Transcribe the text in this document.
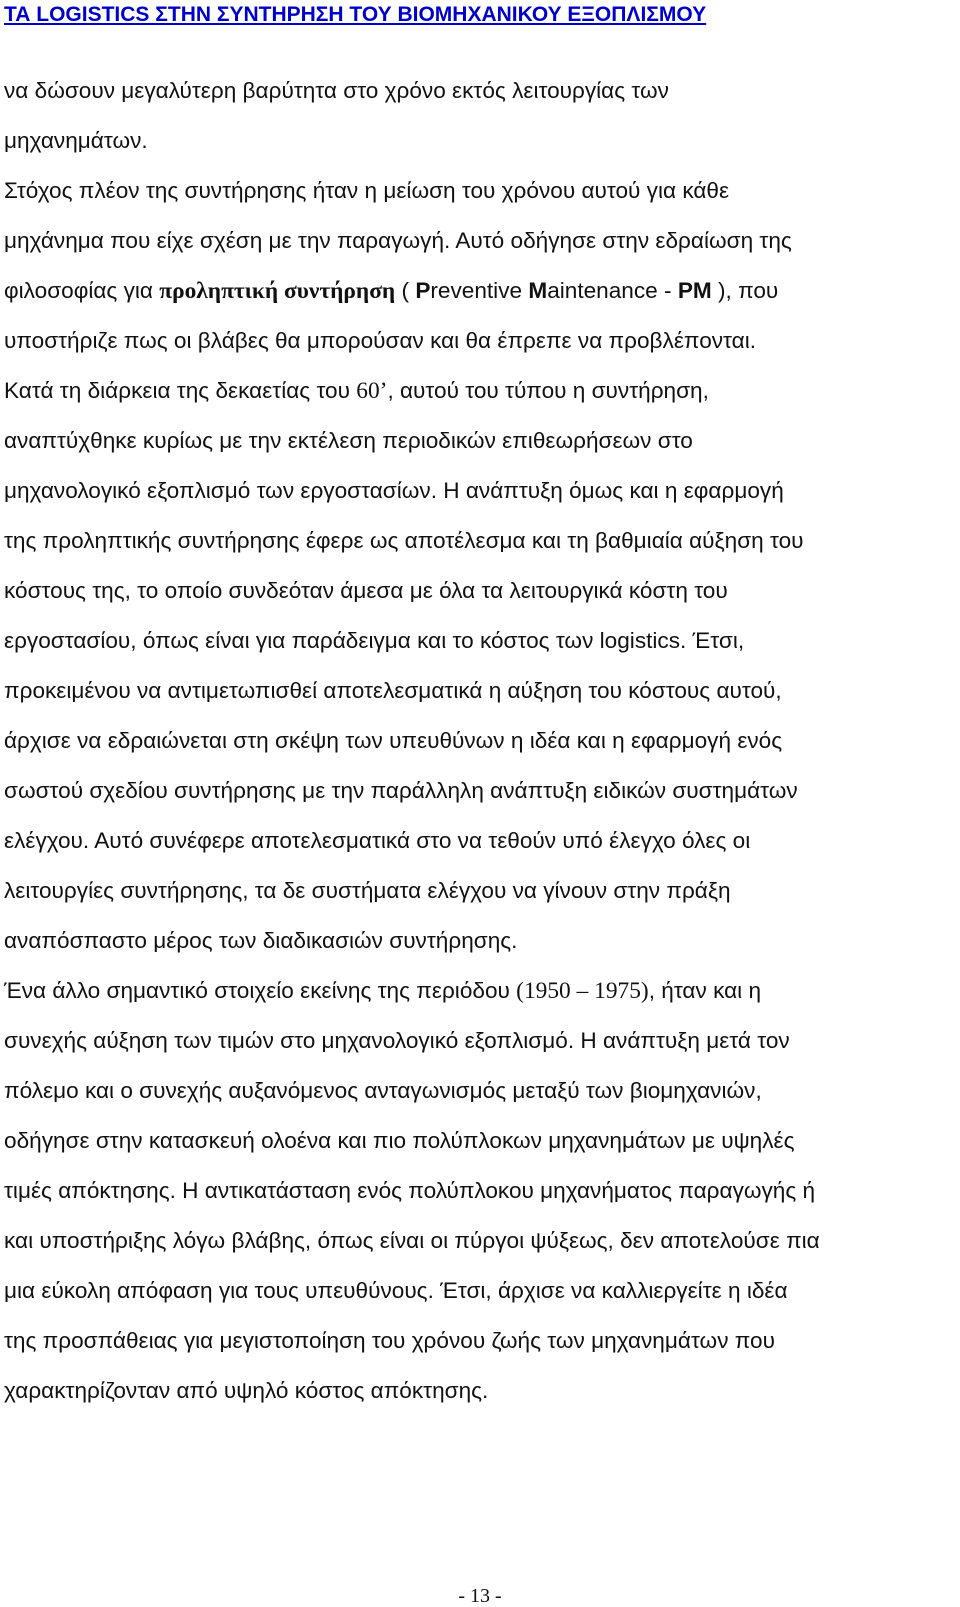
ΤΑ LOGISTICS ΣΤΗΝ ΣΥΝΤΗΡΗΣΗ ΤΟΥ ΒΙΟΜΗΧΑΝΙΚΟΥ ΕΞΟΠΛΙΣΜΟΥ
να δώσουν μεγαλύτερη βαρύτητα στο χρόνο εκτός λειτουργίας των
μηχανημάτων.
Στόχος πλέον της συντήρησης ήταν η μείωση του χρόνου αυτού για κάθε
μηχάνημα που είχε σχέση με την παραγωγή. Αυτό οδήγησε στην εδραίωση της
φιλοσοφίας για προληπτική συντήρηση ( Preventive Maintenance - PM ), που
υποστήριζε πως οι βλάβες θα μπορούσαν και θα έπρεπε να προβλέπονται.
Κατά τη διάρκεια της δεκαετίας του 60’, αυτού του τύπου η συντήρηση,
αναπτύχθηκε κυρίως με την εκτέλεση περιοδικών επιθεωρήσεων στο
μηχανολογικό εξοπλισμό των εργοστασίων. Η ανάπτυξη όμως και η εφαρμογή
της προληπτικής συντήρησης έφερε ως αποτέλεσμα και τη βαθμιαία αύξηση του
κόστους της, το οποίο συνδεόταν άμεσα με όλα τα λειτουργικά κόστη του
εργοστασίου, όπως είναι για παράδειγμα και το κόστος των logistics. Έτσι,
προκειμένου να αντιμετωπισθεί αποτελεσματικά η αύξηση του κόστους αυτού,
άρχισε να εδραιώνεται στη σκέψη των υπευθύνων η ιδέα και η εφαρμογή ενός
σωστού σχεδίου συντήρησης με την παράλληλη ανάπτυξη ειδικών συστημάτων
ελέγχου. Αυτό συνέφερε αποτελεσματικά στο να τεθούν υπό έλεγχο όλες οι
λειτουργίες συντήρησης, τα δε συστήματα ελέγχου να γίνουν στην πράξη
αναπόσπαστο μέρος των διαδικασιών συντήρησης.
Ένα άλλο σημαντικό στοιχείο εκείνης της περιόδου (1950 – 1975), ήταν και η
συνεχής αύξηση των τιμών στο μηχανολογικό εξοπλισμό. Η ανάπτυξη μετά τον
πόλεμο και ο συνεχής αυξανόμενος ανταγωνισμός μεταξύ των βιομηχανιών,
οδήγησε στην κατασκευή ολοένα και πιο πολύπλοκων μηχανημάτων με υψηλές
τιμές απόκτησης. Η αντικατάσταση ενός πολύπλοκου μηχανήματος παραγωγής ή
και υποστήριξης λόγω βλάβης, όπως είναι οι πύργοι ψύξεως, δεν αποτελούσε πια
μια εύκολη απόφαση για τους υπευθύνους. Έτσι, άρχισε να καλλιεργείτε η ιδέα
της προσπάθειας για μεγιστοποίηση του χρόνου ζωής των μηχανημάτων που
χαρακτηρίζονταν από υψηλό κόστος απόκτησης.
- 13 -
